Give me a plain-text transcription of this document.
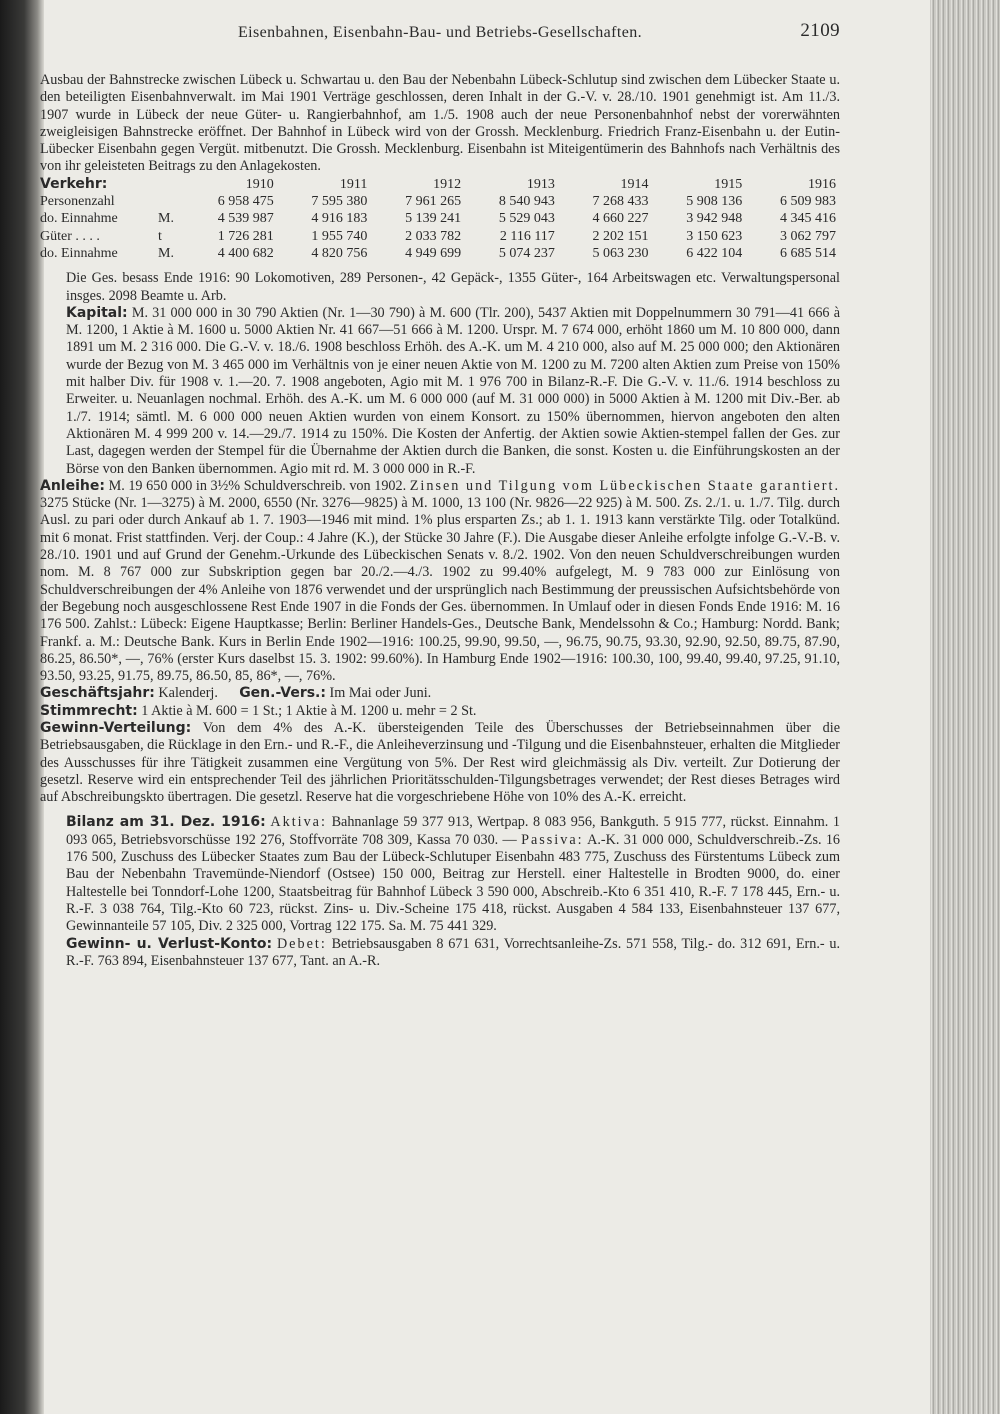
Eisenbahnen, Eisenbahn-Bau- und Betriebs-Gesellschaften.	2109

Ausbau der Bahnstrecke zwischen Lübeck u. Schwartau u. den Bau der Nebenbahn Lübeck-Schlutup sind zwischen dem Lübecker Staate u. den beteiligten Eisenbahnverwalt. im Mai 1901 Verträge geschlossen, deren Inhalt in der G.-V. v. 28./10. 1901 genehmigt ist. Am 11./3. 1907 wurde in Lübeck der neue Güter- u. Rangierbahnhof, am 1./5. 1908 auch der neue Personenbahnhof nebst der vorerwähnten zweigleisigen Bahnstrecke eröffnet. Der Bahnhof in Lübeck wird von der Grossh. Mecklenburg. Friedrich Franz-Eisenbahn u. der Eutin-Lübecker Eisenbahn gegen Vergüt. mitbenutzt. Die Grossh. Mecklenburg. Eisenbahn ist Miteigentümerin des Bahnhofs nach Verhältnis des von ihr geleisteten Beitrags zu den Anlagekosten.

Verkehr:		1910	1911	1912	1913	1914	1915	1916
Personenzahl		6 958 475	7 595 380	7 961 265	8 540 943	7 268 433	5 908 136	6 509 983
do. Einnahme	M.	4 539 987	4 916 183	5 139 241	5 529 043	4 660 227	3 942 948	4 345 416
Güter . . . .	t	1 726 281	1 955 740	2 033 782	2 116 117	2 202 151	3 150 623	3 062 797
do. Einnahme	M.	4 400 682	4 820 756	4 949 699	5 074 237	5 063 230	6 422 104	6 685 514

Die Ges. besass Ende 1916: 90 Lokomotiven, 289 Personen-, 42 Gepäck-, 1355 Güter-, 164 Arbeitswagen etc. Verwaltungspersonal insges. 2098 Beamte u. Arb.

Kapital: M. 31 000 000 in 30 790 Aktien (Nr. 1—30 790) à M. 600 (Tlr. 200), 5437 Aktien mit Doppelnummern 30 791—41 666 à M. 1200, 1 Aktie à M. 1600 u. 5000 Aktien Nr. 41 667—51 666 à M. 1200. Urspr. M. 7 674 000, erhöht 1860 um M. 10 800 000, dann 1891 um M. 2 316 000. Die G.-V. v. 18./6. 1908 beschloss Erhöh. des A.-K. um M. 4 210 000, also auf M. 25 000 000; den Aktionären wurde der Bezug von M. 3 465 000 im Verhältnis von je einer neuen Aktie von M. 1200 zu M. 7200 alten Aktien zum Preise von 150% mit halber Div. für 1908 v. 1.—20. 7. 1908 angeboten, Agio mit M. 1 976 700 in Bilanz-R.-F. Die G.-V. v. 11./6. 1914 beschloss zu Erweiter. u. Neuanlagen nochmal. Erhöh. des A.-K. um M. 6 000 000 (auf M. 31 000 000) in 5000 Aktien à M. 1200 mit Div.-Ber. ab 1./7. 1914; sämtl. M. 6 000 000 neuen Aktien wurden von einem Konsort. zu 150% übernommen, hiervon angeboten den alten Aktionären M. 4 999 200 v. 14.—29./7. 1914 zu 150%. Die Kosten der Anfertig. der Aktien sowie Aktien-stempel fallen der Ges. zur Last, dagegen werden der Stempel für die Übernahme der Aktien durch die Banken, die sonst. Kosten u. die Einführungskosten an der Börse von den Banken übernommen. Agio mit rd. M. 3 000 000 in R.-F.

Anleihe: M. 19 650 000 in 3½% Schuldverschreib. von 1902. Zinsen und Tilgung vom Lübeckischen Staate garantiert. 3275 Stücke (Nr. 1—3275) à M. 2000, 6550 (Nr. 3276—9825) à M. 1000, 13 100 (Nr. 9826—22 925) à M. 500. Zs. 2./1. u. 1./7. Tilg. durch Ausl. zu pari oder durch Ankauf ab 1. 7. 1903—1946 mit mind. 1% plus ersparten Zs.; ab 1. 1. 1913 kann verstärkte Tilg. oder Totalkünd. mit 6 monat. Frist stattfinden. Verj. der Coup.: 4 Jahre (K.), der Stücke 30 Jahre (F.). Die Ausgabe dieser Anleihe erfolgte infolge G.-V.-B. v. 28./10. 1901 und auf Grund der Genehm.-Urkunde des Lübeckischen Senats v. 8./2. 1902. Von den neuen Schuldverschreibungen wurden nom. M. 8 767 000 zur Subskription gegen bar 20./2.—4./3. 1902 zu 99.40% aufgelegt, M. 9 783 000 zur Einlösung von Schuldverschreibungen der 4% Anleihe von 1876 verwendet und der ursprünglich nach Bestimmung der preussischen Aufsichtsbehörde von der Begebung noch ausgeschlossene Rest Ende 1907 in die Fonds der Ges. übernommen. In Umlauf oder in diesen Fonds Ende 1916: M. 16 176 500. Zahlst.: Lübeck: Eigene Hauptkasse; Berlin: Berliner Handels-Ges., Deutsche Bank, Mendelssohn & Co.; Hamburg: Nordd. Bank; Frankf. a. M.: Deutsche Bank. Kurs in Berlin Ende 1902—1916: 100.25, 99.90, 99.50, —, 96.75, 90.75, 93.30, 92.90, 92.50, 89.75, 87.90, 86.25, 86.50*, —, 76% (erster Kurs daselbst 15. 3. 1902: 99.60%). In Hamburg Ende 1902—1916: 100.30, 100, 99.40, 99.40, 97.25, 91.10, 93.50, 93.25, 91.75, 89.75, 86.50, 85, 86*, —, 76%.

Geschäftsjahr: Kalenderj. Gen.-Vers.: Im Mai oder Juni.

Stimmrecht: 1 Aktie à M. 600 = 1 St.; 1 Aktie à M. 1200 u. mehr = 2 St.

Gewinn-Verteilung: Von dem 4% des A.-K. übersteigenden Teile des Überschusses der Betriebseinnahmen über die Betriebsausgaben, die Rücklage in den Ern.- und R.-F., die Anleiheverzinsung und -Tilgung und die Eisenbahnsteuer, erhalten die Mitglieder des Ausschusses für ihre Tätigkeit zusammen eine Vergütung von 5%. Der Rest wird gleichmässig als Div. verteilt. Zur Dotierung der gesetzl. Reserve wird ein entsprechender Teil des jährlichen Prioritätsschulden-Tilgungsbetrages verwendet; der Rest dieses Betrages wird auf Abschreibungskto übertragen. Die gesetzl. Reserve hat die vorgeschriebene Höhe von 10% des A.-K. erreicht.

Bilanz am 31. Dez. 1916: Aktiva: Bahnanlage 59 377 913, Wertpap. 8 083 956, Bankguth. 5 915 777, rückst. Einnahm. 1 093 065, Betriebsvorschüsse 192 276, Stoffvorräte 708 309, Kassa 70 030. — Passiva: A.-K. 31 000 000, Schuldverschreib.-Zs. 16 176 500, Zuschuss des Lübecker Staates zum Bau der Lübeck-Schlutuper Eisenbahn 483 775, Zuschuss des Fürstentums Lübeck zum Bau der Nebenbahn Travemünde-Niendorf (Ostsee) 150 000, Beitrag zur Herstell. einer Haltestelle in Brodten 9000, do. einer Haltestelle bei Tonndorf-Lohe 1200, Staatsbeitrag für Bahnhof Lübeck 3 590 000, Abschreib.-Kto 6 351 410, R.-F. 7 178 445, Ern.- u. R.-F. 3 038 764, Tilg.-Kto 60 723, rückst. Zins- u. Div.-Scheine 175 418, rückst. Ausgaben 4 584 133, Eisenbahnsteuer 137 677, Gewinnanteile 57 105, Div. 2 325 000, Vortrag 122 175. Sa. M. 75 441 329.

Gewinn- u. Verlust-Konto: Debet: Betriebsausgaben 8 671 631, Vorrechtsanleihe-Zs. 571 558, Tilg.- do. 312 691, Ern.- u. R.-F. 763 894, Eisenbahnsteuer 137 677, Tant. an A.-R.
